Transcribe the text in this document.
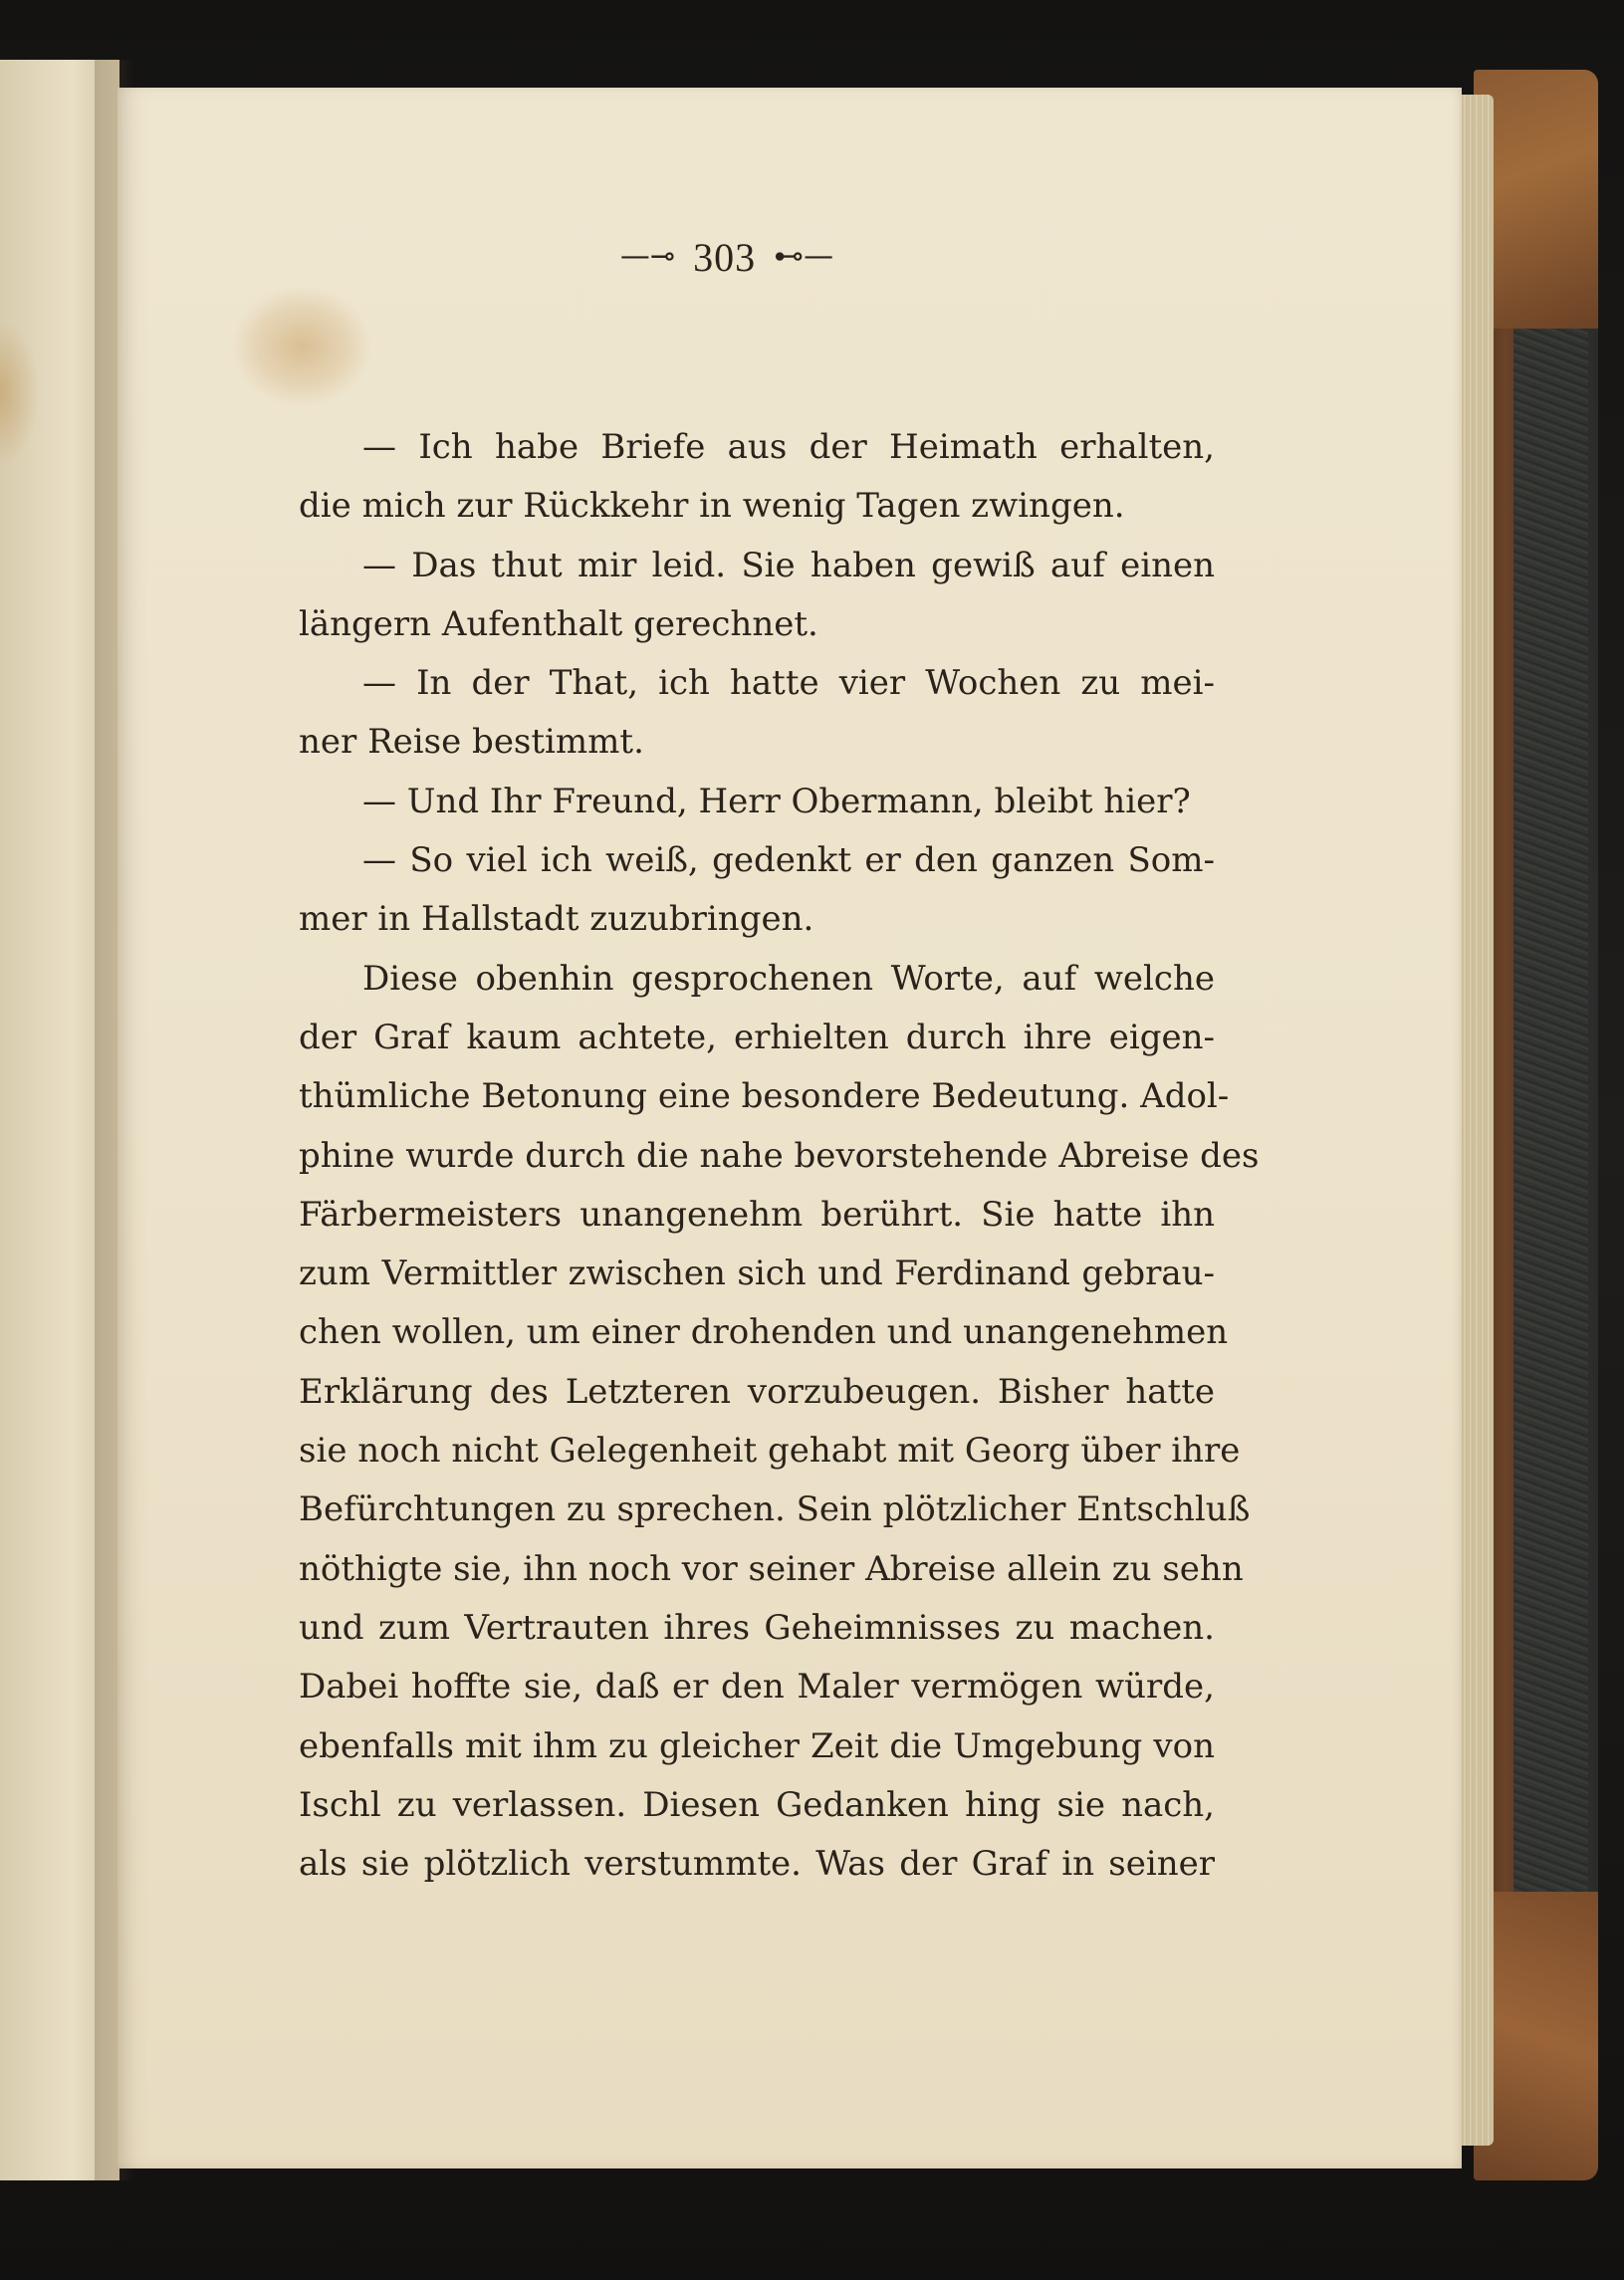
—⊸ 303 ⊷—
— Ich habe Briefe aus der Heimath erhalten,
die mich zur Rückkehr in wenig Tagen zwingen.
— Das thut mir leid. Sie haben gewiß auf einen
längern Aufenthalt gerechnet.
— In der That, ich hatte vier Wochen zu mei-
ner Reise bestimmt.
— Und Ihr Freund, Herr Obermann, bleibt hier?
— So viel ich weiß, gedenkt er den ganzen Som-
mer in Hallstadt zuzubringen.
Diese obenhin gesprochenen Worte, auf welche
der Graf kaum achtete, erhielten durch ihre eigen-
thümliche Betonung eine besondere Bedeutung. Adol-
phine wurde durch die nahe bevorstehende Abreise des
Färbermeisters unangenehm berührt. Sie hatte ihn
zum Vermittler zwischen sich und Ferdinand gebrau-
chen wollen, um einer drohenden und unangenehmen
Erklärung des Letzteren vorzubeugen. Bisher hatte
sie noch nicht Gelegenheit gehabt mit Georg über ihre
Befürchtungen zu sprechen. Sein plötzlicher Entschluß
nöthigte sie, ihn noch vor seiner Abreise allein zu sehn
und zum Vertrauten ihres Geheimnisses zu machen.
Dabei hoffte sie, daß er den Maler vermögen würde,
ebenfalls mit ihm zu gleicher Zeit die Umgebung von
Ischl zu verlassen. Diesen Gedanken hing sie nach,
als sie plötzlich verstummte. Was der Graf in seiner
